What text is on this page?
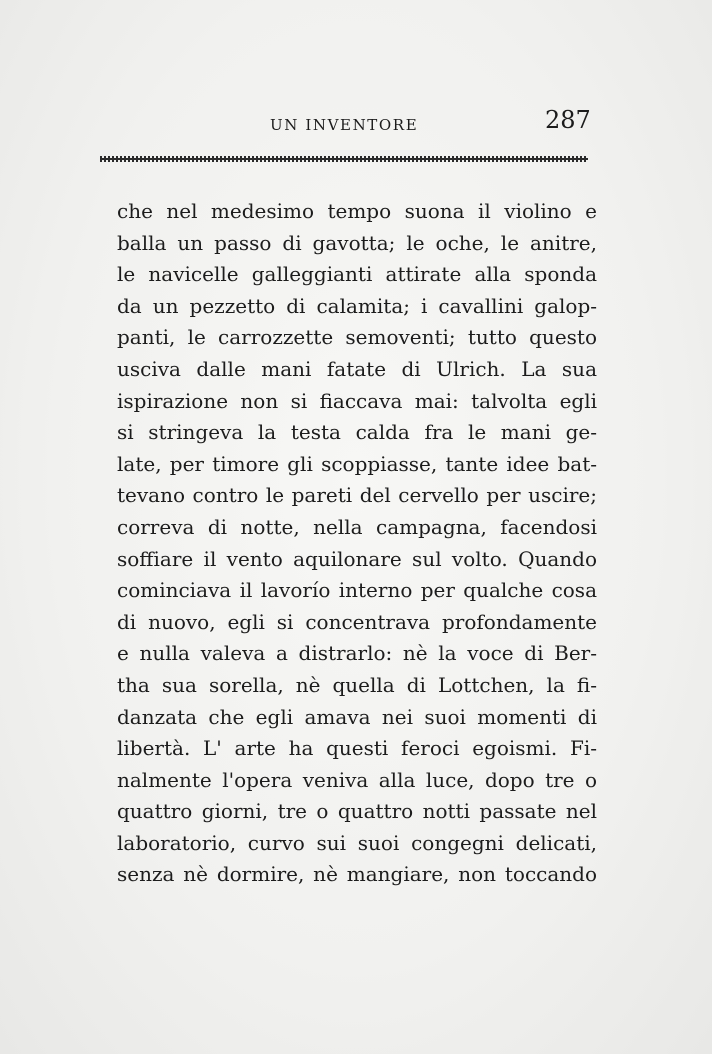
UN INVENTORE	287
che nel medesimo tempo suona il violino e
balla un passo di gavotta; le oche, le anitre,
le navicelle galleggianti attirate alla sponda
da un pezzetto di calamita; i cavallini galop-
panti, le carrozzette semoventi; tutto questo
usciva dalle mani fatate di Ulrich. La sua
ispirazione non si fiaccava mai: talvolta egli
si stringeva la testa calda fra le mani ge-
late, per timore gli scoppiasse, tante idee bat-
tevano contro le pareti del cervello per uscire;
correva di notte, nella campagna, facendosi
soffiare il vento aquilonare sul volto. Quando
cominciava il lavorío interno per qualche cosa
di nuovo, egli si concentrava profondamente
e nulla valeva a distrarlo: nè la voce di Ber-
tha sua sorella, nè quella di Lottchen, la fi-
danzata che egli amava nei suoi momenti di
libertà. L' arte ha questi feroci egoismi. Fi-
nalmente l'opera veniva alla luce, dopo tre o
quattro giorni, tre o quattro notti passate nel
laboratorio, curvo sui suoi congegni delicati,
senza nè dormire, nè mangiare, non toccando
